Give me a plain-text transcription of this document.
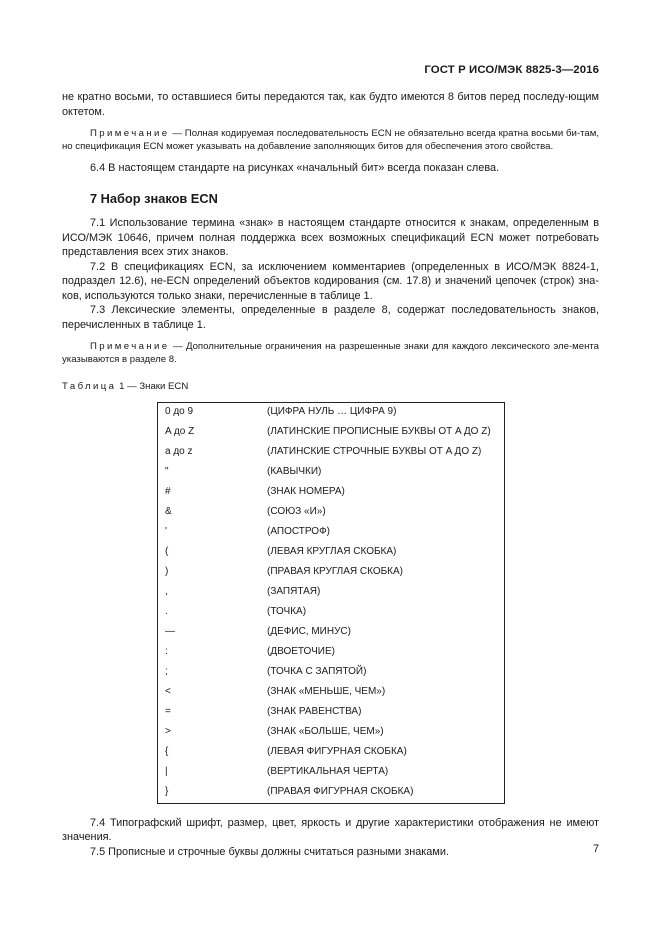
ГОСТ Р ИСО/МЭК 8825-3—2016

не кратно восьми, то оставшиеся биты передаются так, как будто имеются 8 битов перед последу-ющим октетом.

Примечание — Полная кодируемая последовательность ECN не обязательно всегда кратна восьми би-там, но спецификация ECN может указывать на добавление заполняющих битов для обеспечения этого свойства.

6.4 В настоящем стандарте на рисунках «начальный бит» всегда показан слева.

7 Набор знаков ECN

7.1 Использование термина «знак» в настоящем стандарте относится к знакам, определенным в ИСО/МЭК 10646, причем полная поддержка всех возможных спецификаций ECN может потребовать представления всех этих знаков.

7.2 В спецификациях ECN, за исключением комментариев (определенных в ИСО/МЭК 8824-1, подраздел 12.6), не-ECN определений объектов кодирования (см. 17.8) и значений цепочек (строк) зна-ков, используются только знаки, перечисленные в таблице 1.

7.3 Лексические элементы, определенные в разделе 8, содержат последовательность знаков, перечисленных в таблице 1.

Примечание — Дополнительные ограничения на разрешенные знаки для каждого лексического эле-мента указываются в разделе 8.

Таблица 1 — Знаки ECN
0 до 9	(ЦИФРА НУЛЬ … ЦИФРА 9)
A до Z	(ЛАТИНСКИЕ ПРОПИСНЫЕ БУКВЫ ОТ A ДО Z)
a до z	(ЛАТИНСКИЕ СТРОЧНЫЕ БУКВЫ ОТ A ДО Z)
"	(КАВЫЧКИ)
#	(ЗНАК НОМЕРА)
&	(СОЮЗ «И»)
'	(АПОСТРОФ)
(	(ЛЕВАЯ КРУГЛАЯ СКОБКА)
)	(ПРАВАЯ КРУГЛАЯ СКОБКА)
,	(ЗАПЯТАЯ)
.	(ТОЧКА)
—	(ДЕФИС, МИНУС)
:	(ДВОЕТОЧИЕ)
;	(ТОЧКА С ЗАПЯТОЙ)
<	(ЗНАК «МЕНЬШЕ, ЧЕМ»)
=	(ЗНАК РАВЕНСТВА)
>	(ЗНАК «БОЛЬШЕ, ЧЕМ»)
{	(ЛЕВАЯ ФИГУРНАЯ СКОБКА)
|	(ВЕРТИКАЛЬНАЯ ЧЕРТА)
}	(ПРАВАЯ ФИГУРНАЯ СКОБКА)

7.4 Типографский шрифт, размер, цвет, яркость и другие характеристики отображения не имеют значения.

7.5 Прописные и строчные буквы должны считаться разными знаками.	7
